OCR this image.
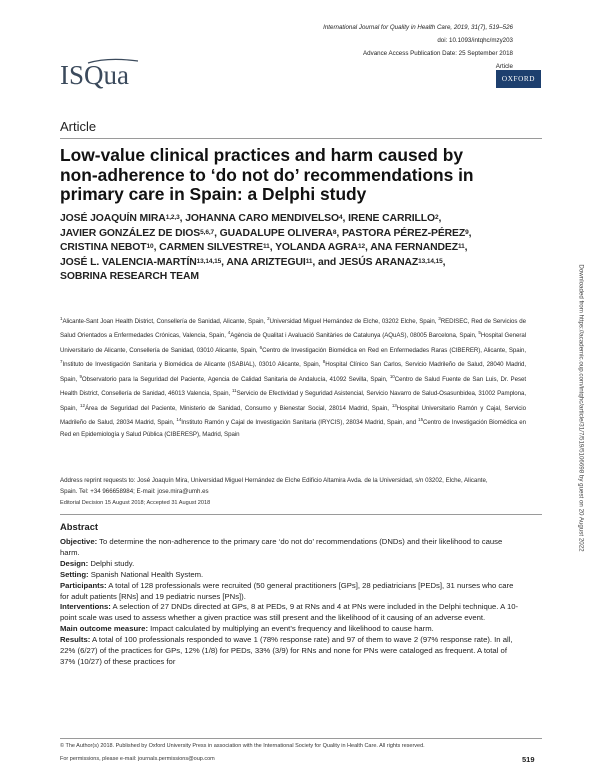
International Journal for Quality in Health Care, 2019, 31(7), 519–526
doi: 10.1093/intqhc/mzy203
Advance Access Publication Date: 25 September 2018
Article
ISQua	OXFORD
Article
Low-value clinical practices and harm caused by non-adherence to ‘do not do’ recommendations in primary care in Spain: a Delphi study
JOSÉ JOAQUÍN MIRA$^{1,2,3}$, JOHANNA CARO MENDIVELSO$^4$, IRENE CARRILLO$^2$, JAVIER GONZÁLEZ DE DIOS$^{5,6,7}$, GUADALUPE OLIVERA$^8$, PASTORA PÉREZ-PÉREZ$^9$, CRISTINA NEBOT$^{10}$, CARMEN SILVESTRE$^{11}$, YOLANDA AGRA$^{12}$, ANA FERNANDEZ$^{11}$, JOSÉ L. VALENCIA-MARTÍN$^{13,14,15}$, ANA ARIZTEGUI$^{11}$, and JESÚS ARANAZ$^{13,14,15}$, SOBRINA RESEARCH TEAM
$^1$Alicante-Sant Joan Health District, Consellería de Sanidad, Alicante, Spain, $^2$Universidad Miguel Hernández de Elche, 03202 Elche, Spain, $^3$REDISEC, Red de Servicios de Salud Orientados a Enfermedades Crónicas, Valencia, Spain, $^4$Agència de Qualitat i Avaluació Sanitàries de Catalunya (AQuAS), 08005 Barcelona, Spain, $^5$Hospital General Universitario de Alicante, Consellería de Sanidad, 03010 Alicante, Spain, $^6$Centro de Investigación Biomédica en Red en Enfermedades Raras (CIBERER), Alicante, Spain, $^7$Instituto de Investigación Sanitaria y Biomédica de Alicante (ISABIAL), 03010 Alicante, Spain, $^8$Hospital Clínico San Carlos, Servicio Madrileño de Salud, 28040 Madrid, Spain, $^9$Observatorio para la Seguridad del Paciente, Agencia de Calidad Sanitaria de Andalucía, 41092 Sevilla, Spain, $^{10}$Centro de Salud Fuente de San Luis, Dr. Peset Health District, Consellería de Sanidad, 46013 Valencia, Spain, $^{11}$Servicio de Efectividad y Seguridad Asistencial, Servicio Navarro de Salud-Osasunbidea, 31002 Pamplona, Spain, $^{12}$Área de Seguridad del Paciente, Ministerio de Sanidad, Consumo y Bienestar Social, 28014 Madrid, Spain, $^{13}$Hospital Universitario Ramón y Cajal, Servicio Madrileño de Salud, 28034 Madrid, Spain, $^{14}$Instituto Ramón y Cajal de Investigación Sanitaria (IRYCIS), 28034 Madrid, Spain, and $^{15}$Centro de Investigación Biomédica en Red en Epidemiología y Salud Pública (CIBERESP), Madrid, Spain
Address reprint requests to: José Joaquín Mira, Universidad Miguel Hernández de Elche Edificio Altamira Avda. de la Universidad, s/n 03202, Elche, Alicante, Spain. Tel: +34 966658984; E-mail: jose.mira@umh.es
Editorial Decision 15 August 2018; Accepted 31 August 2018
Abstract

Objective: To determine the non-adherence to the primary care ‘do not do’ recommendations (DNDs) and their likelihood to cause harm.

Design: Delphi study.

Setting: Spanish National Health System.

Participants: A total of 128 professionals were recruited (50 general practitioners [GPs], 28 pediatricians [PEDs], 31 nurses who care for adult patients [RNs] and 19 pediatric nurses [PNs]).

Interventions: A selection of 27 DNDs directed at GPs, 8 at PEDs, 9 at RNs and 4 at PNs were included in the Delphi technique. A 10-point scale was used to assess whether a given practice was still present and the likelihood of it causing of an adverse event.

Main outcome measure: Impact calculated by multiplying an event’s frequency and likelihood to cause harm.

Results: A total of 100 professionals responded to wave 1 (78% response rate) and 97 of them to wave 2 (97% response rate). In all, 22% (6/27) of the practices for GPs, 12% (1/8) for PEDs, 33% (3/9) for RNs and none for PNs were cataloged as frequent. A total of 37% (10/27) of these practices for

© The Author(s) 2018. Published by Oxford University Press in association with the International Society for Quality in Health Care. All rights reserved.
For permissions, please e-mail: journals.permissions@oup.com	519
Downloaded from https://academic.oup.com/intqhc/article/31/7/519/5106698 by guest on 20 August 2022
